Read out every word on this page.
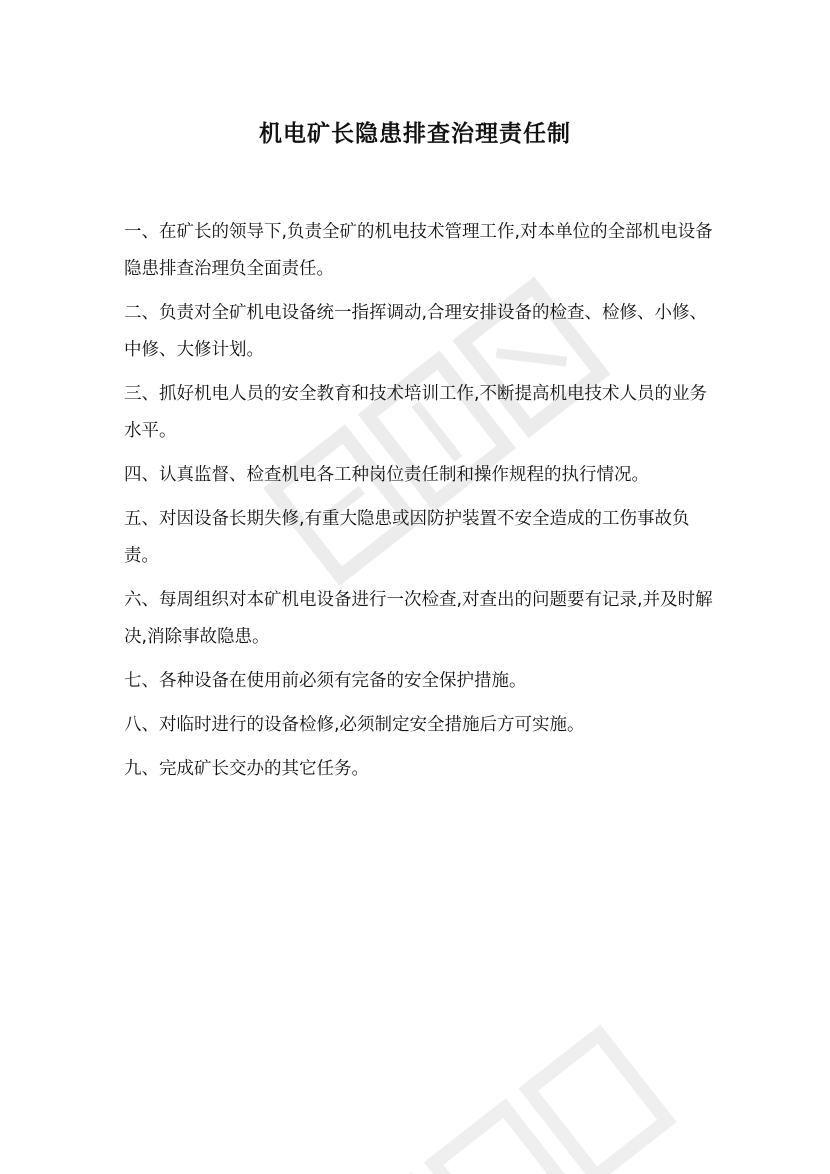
机电矿长隐患排查治理责任制

一、在矿长的领导下,负责全矿的机电技术管理工作,对本单位的全部机电设备隐患排查治理负全面责任。

二、负责对全矿机电设备统一指挥调动,合理安排设备的检查、检修、小修、中修、大修计划。

三、抓好机电人员的安全教育和技术培训工作,不断提高机电技术人员的业务水平。

四、认真监督、检查机电各工种岗位责任制和操作规程的执行情况。

五、对因设备长期失修,有重大隐患或因防护装置不安全造成的工伤事故负责。

六、每周组织对本矿机电设备进行一次检查,对查出的问题要有记录,并及时解决,消除事故隐患。

七、各种设备在使用前必须有完备的安全保护措施。

八、对临时进行的设备检修,必须制定安全措施后方可实施。

九、完成矿长交办的其它任务。
